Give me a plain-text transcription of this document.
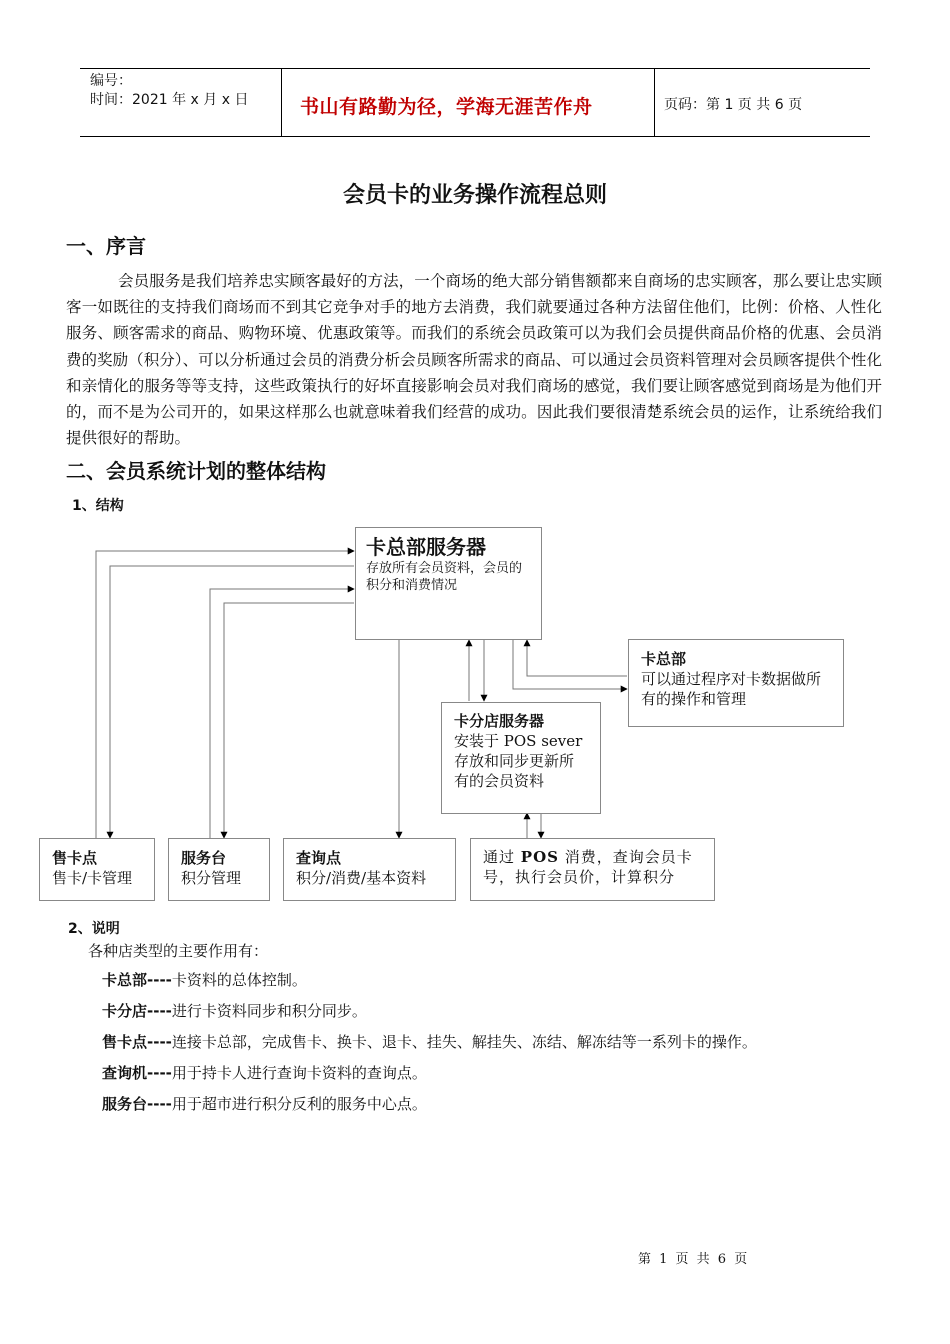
编号：
时间：2021 年 x 月 x 日	书山有路勤为径，学海无涯苦作舟	页码：第 1 页 共 6 页
会员卡的业务操作流程总则
一、序言
会员服务是我们培养忠实顾客最好的方法，一个商场的绝大部分销售额都来自商场的忠实顾客，那么要让忠实顾客一如既往的支持我们商场而不到其它竞争对手的地方去消费，我们就要通过各种方法留住他们，比例：价格、人性化服务、顾客需求的商品、购物环境、优惠政策等。而我们的系统会员政策可以为我们会员提供商品价格的优惠、会员消费的奖励（积分）、可以分析通过会员的消费分析会员顾客所需求的商品、可以通过会员资料管理对会员顾客提供个性化和亲情化的服务等等支持，这些政策执行的好坏直接影响会员对我们商场的感觉，我们要让顾客感觉到商场是为他们开的，而不是为公司开的，如果这样那么也就意味着我们经营的成功。因此我们要很清楚系统会员的运作，让系统给我们提供很好的帮助。
二、会员系统计划的整体结构
1、结构
卡总部服务器
存放所有会员资料，会员的积分和消费情况
卡总部
可以通过程序对卡数据做所有的操作和管理
卡分店服务器
安装于 POS sever 存放和同步更新所有的会员资料
售卡点
售卡/卡管理
服务台
积分管理
查询点
积分/消费/基本资料
通过 POS 消费，查询会员卡号，执行会员价，计算积分
2、说明
各种店类型的主要作用有：
卡总部----卡资料的总体控制。
卡分店----进行卡资料同步和积分同步。
售卡点----连接卡总部，完成售卡、换卡、退卡、挂失、解挂失、冻结、解冻结等一系列卡的操作。
查询机----用于持卡人进行查询卡资料的查询点。
服务台----用于超市进行积分反利的服务中心点。
第 1 页 共 6 页
